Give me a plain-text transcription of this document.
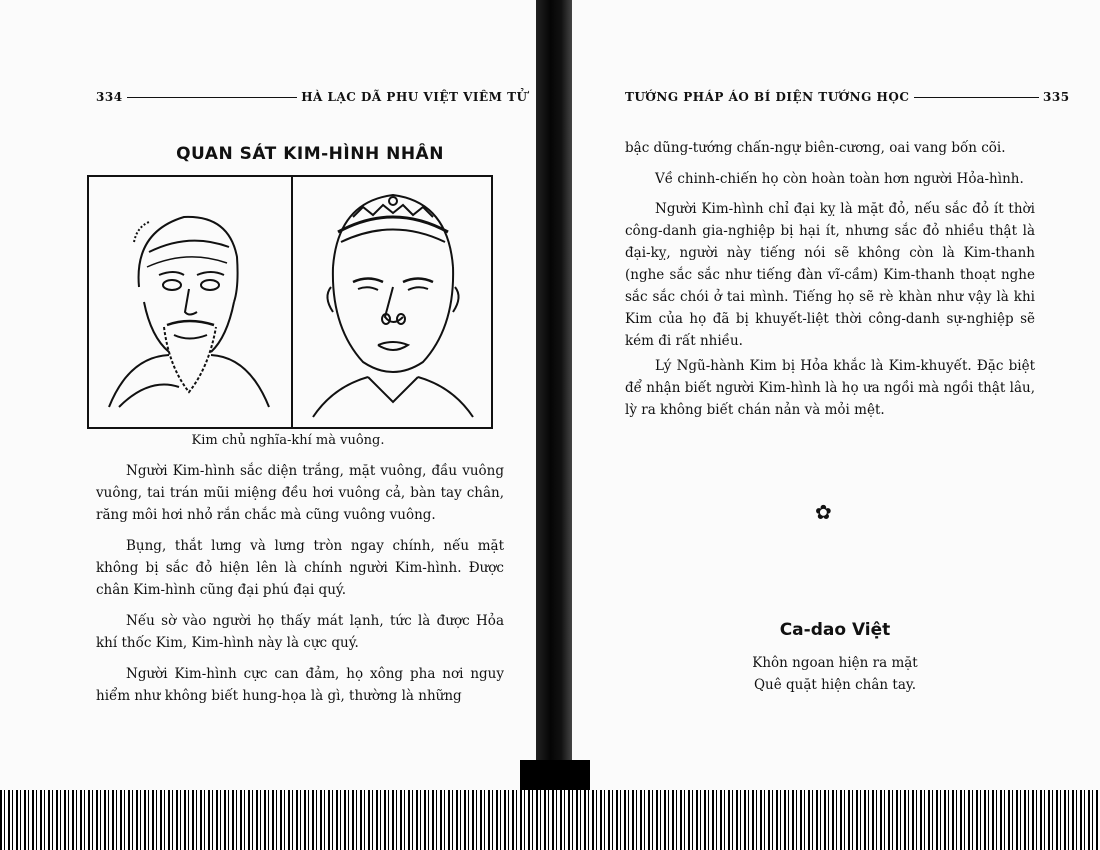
334	HÀ LẠC DÃ PHU VIỆT VIÊM TỬ
QUAN SÁT KIM-HÌNH NHÂN
Kim chủ nghĩa-khí mà vuông.

Người Kim-hình sắc diện trắng, mặt vuông, đầu vuông vuông, tai trán mũi miệng đều hơi vuông cả, bàn tay chân, răng môi hơi nhỏ rắn chắc mà cũng vuông vuông.

Bụng, thắt lưng và lưng tròn ngay chính, nếu mặt không bị sắc đỏ hiện lên là chính người Kim-hình. Được chân Kim-hình cũng đại phú đại quý.

Nếu sờ vào người họ thấy mát lạnh, tức là được Hỏa khí thốc Kim, Kim-hình này là cực quý.

Người Kim-hình cực can đảm, họ xông pha nơi nguy hiểm như không biết hung-họa là gì, thường là những

TƯỚNG PHÁP ÁO BÍ DIỆN TƯỚNG HỌC	335

bậc dũng-tướng chấn-ngự biên-cương, oai vang bốn cõi.

Về chinh-chiến họ còn hoàn toàn hơn người Hỏa-hình.

Người Kim-hình chỉ đại kỵ là mặt đỏ, nếu sắc đỏ ít thời công-danh gia-nghiệp bị hại ít, nhưng sắc đỏ nhiều thật là đại-kỵ, người này tiếng nói sẽ không còn là Kim-thanh (nghe sắc sắc như tiếng đàn vĩ-cầm) Kim-thanh thoạt nghe sắc sắc chói ở tai mình. Tiếng họ sẽ rè khàn như vậy là khi Kim của họ đã bị khuyết-liệt thời công-danh sự-nghiệp sẽ kém đi rất nhiều.

Lý Ngũ-hành Kim bị Hỏa khắc là Kim-khuyết. Đặc biệt để nhận biết người Kim-hình là họ ưa ngồi mà ngồi thật lâu, lỳ ra không biết chán nản và mỏi mệt.

✿
Ca-dao Việt
Khôn ngoan hiện ra mặt
Quê quặt hiện chân tay.
